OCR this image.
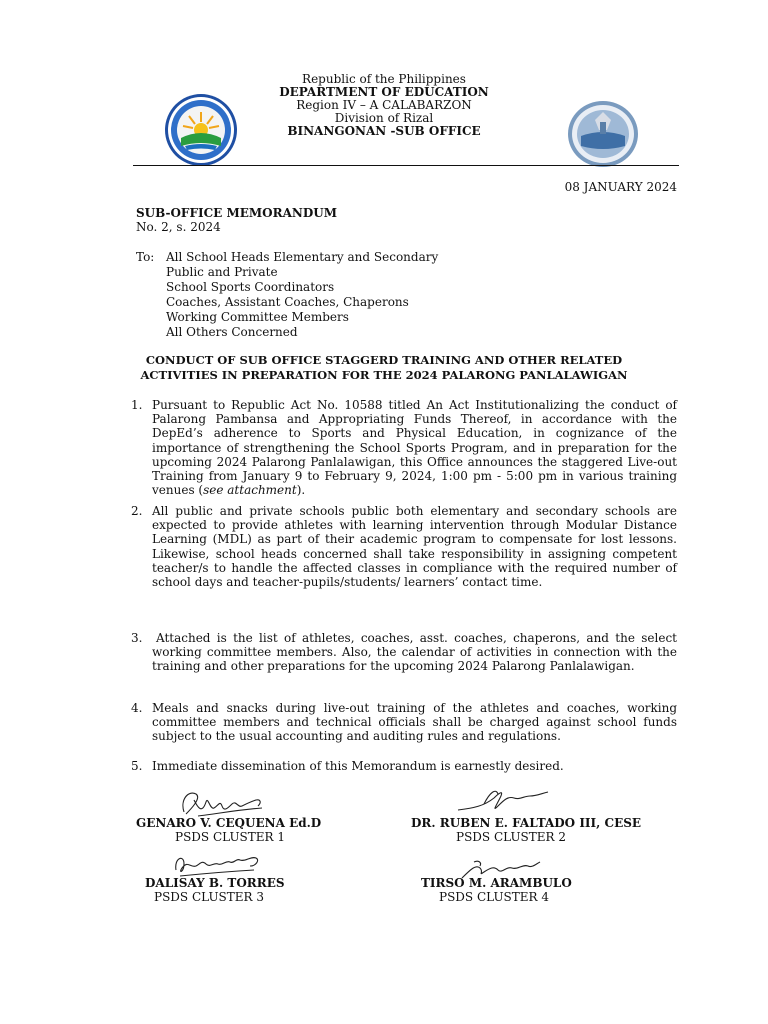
Republic of the Philippines
DEPARTMENT OF EDUCATION
Region IV – A CALABARZON
Division of Rizal
BINANGONAN -SUB OFFICE
08 JANUARY 2024
SUB-OFFICE MEMORANDUM
No. 2, s. 2024
To: All School Heads Elementary and Secondary
Public and Private
School Sports Coordinators
Coaches, Assistant Coaches, Chaperons
Working Committee Members
All Others Concerned
CONDUCT OF SUB OFFICE STAGGERD TRAINING AND OTHER RELATED
ACTIVITIES IN PREPARATION FOR THE 2024 PALARONG PANLALAWIGAN
1. Pursuant to Republic Act No. 10588 titled An Act Institutionalizing the conduct of Palarong Pambansa and Appropriating Funds Thereof, in accordance with the DepEd’s adherence to Sports and Physical Education, in cognizance of the importance of strengthening the School Sports Program, and in preparation for the upcoming 2024 Palarong Panlalawigan, this Office announces the staggered Live-out Training from January 9 to February 9, 2024, 1:00 pm - 5:00 pm in various training venues (see attachment).
2. All public and private schools public both elementary and secondary schools are expected to provide athletes with learning intervention through Modular Distance Learning (MDL) as part of their academic program to compensate for lost lessons. Likewise, school heads concerned shall take responsibility in assigning competent teacher/s to handle the affected classes in compliance with the required number of school days and teacher-pupils/students/ learners’ contact time.
3.	Attached is the list of athletes, coaches, asst. coaches, chaperons, and the select working committee members. Also, the calendar of activities in connection with the training and other preparations for the upcoming 2024 Palarong Panlalawigan.
4. Meals and snacks during live-out training of the athletes and coaches, working committee members and technical officials shall be charged against school funds subject to the usual accounting and auditing rules and regulations.
5. Immediate dissemination of this Memorandum is earnestly desired.
GENARO V. CEQUENA Ed.D
PSDS CLUSTER 1
DR. RUBEN E. FALTADO III, CESE
PSDS CLUSTER 2
DALISAY B. TORRES
PSDS CLUSTER 3
TIRSO M. ARAMBULO
PSDS CLUSTER 4
